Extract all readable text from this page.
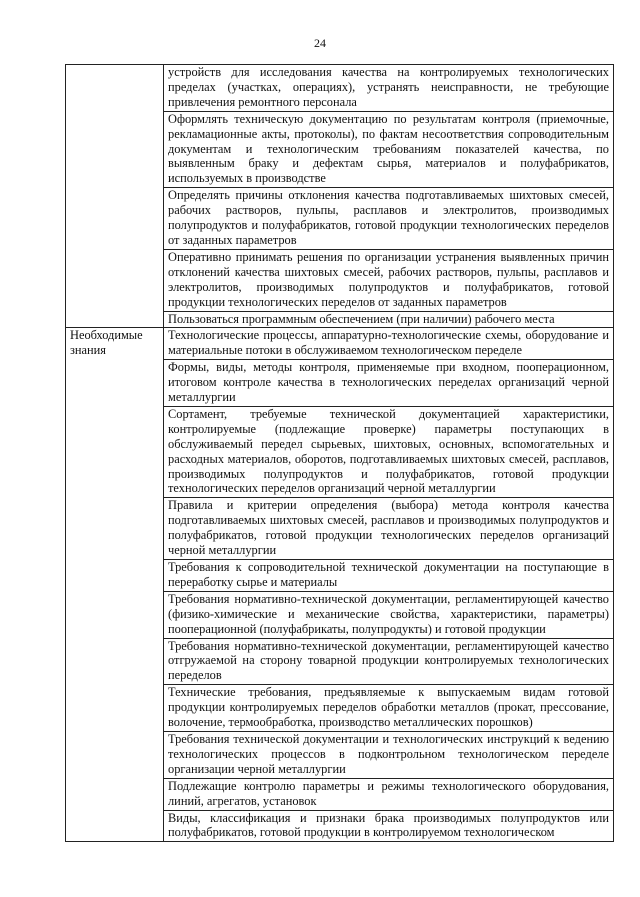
24
	устройств для исследования качества на контролируемых технологических пределах (участках, операциях), устранять неисправности, не требующие привлечения ремонтного персонала
	Оформлять техническую документацию по результатам контроля (приемочные, рекламационные акты, протоколы), по фактам несоответствия сопроводительным документам и технологическим требованиям показателей качества, по выявленным браку и дефектам сырья, материалов и полуфабрикатов, используемых в производстве
	Определять причины отклонения качества подготавливаемых шихтовых смесей, рабочих растворов, пульпы, расплавов и электролитов, производимых полупродуктов и полуфабрикатов, готовой продукции технологических переделов от заданных параметров
	Оперативно принимать решения по организации устранения выявленных причин отклонений качества шихтовых смесей, рабочих растворов, пульпы, расплавов и электролитов, производимых полупродуктов и полуфабрикатов, готовой продукции технологических переделов от заданных параметров
	Пользоваться программным обеспечением (при наличии) рабочего места
Необходимые знания	Технологические процессы, аппаратурно-технологические схемы, оборудование и материальные потоки в обслуживаемом технологическом переделе
	Формы, виды, методы контроля, применяемые при входном, пооперационном, итоговом контроле качества в технологических переделах организаций черной металлургии
	Сортамент, требуемые технической документацией характеристики, контролируемые (подлежащие проверке) параметры поступающих в обслуживаемый передел сырьевых, шихтовых, основных, вспомогательных и расходных материалов, оборотов, подготавливаемых шихтовых смесей, расплавов, производимых полупродуктов и полуфабрикатов, готовой продукции технологических переделов организаций черной металлургии
	Правила и критерии определения (выбора) метода контроля качества подготавливаемых шихтовых смесей, расплавов и производимых полупродуктов и полуфабрикатов, готовой продукции технологических переделов организаций черной металлургии
	Требования к сопроводительной технической документации на поступающие в переработку сырье и материалы
	Требования нормативно-технической документации, регламентирующей качество (физико-химические и механические свойства, характеристики, параметры) пооперационной (полуфабрикаты, полупродукты) и готовой продукции
	Требования нормативно-технической документации, регламентирующей качество отгружаемой на сторону товарной продукции контролируемых технологических переделов
	Технические требования, предъявляемые к выпускаемым видам готовой продукции контролируемых переделов обработки металлов (прокат, прессование, волочение, термообработка, производство металлических порошков)
	Требования технической документации и технологических инструкций к ведению технологических процессов в подконтрольном технологическом переделе организации черной металлургии
	Подлежащие контролю параметры и режимы технологического оборудования, линий, агрегатов, установок
	Виды, классификация и признаки брака производимых полупродуктов или полуфабрикатов, готовой продукции в контролируемом технологическом
